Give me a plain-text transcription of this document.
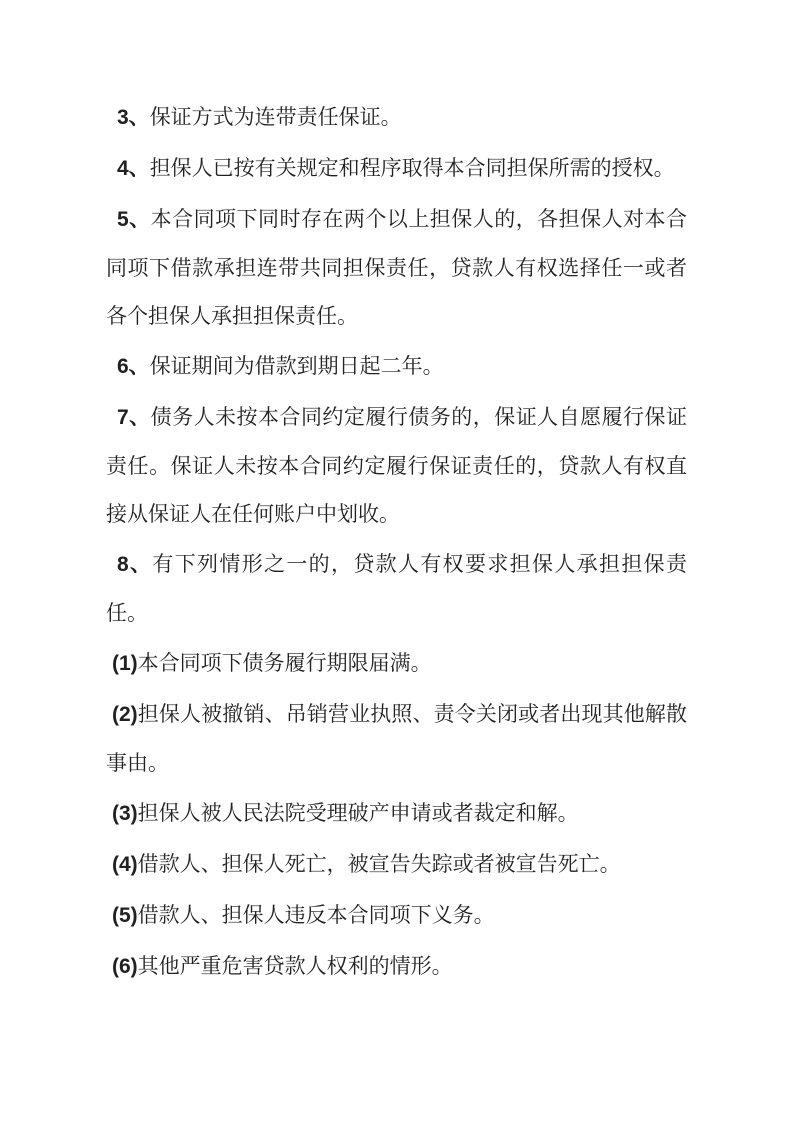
3、保证方式为连带责任保证。

4、担保人已按有关规定和程序取得本合同担保所需的授权。

5、本合同项下同时存在两个以上担保人的，各担保人对本合同项下借款承担连带共同担保责任，贷款人有权选择任一或者各个担保人承担担保责任。

6、保证期间为借款到期日起二年。

7、债务人未按本合同约定履行债务的，保证人自愿履行保证责任。保证人未按本合同约定履行保证责任的，贷款人有权直接从保证人在任何账户中划收。

8、有下列情形之一的，贷款人有权要求担保人承担担保责任。

(1)本合同项下债务履行期限届满。

(2)担保人被撤销、吊销营业执照、责令关闭或者出现其他解散事由。

(3)担保人被人民法院受理破产申请或者裁定和解。

(4)借款人、担保人死亡，被宣告失踪或者被宣告死亡。

(5)借款人、担保人违反本合同项下义务。

(6)其他严重危害贷款人权利的情形。
